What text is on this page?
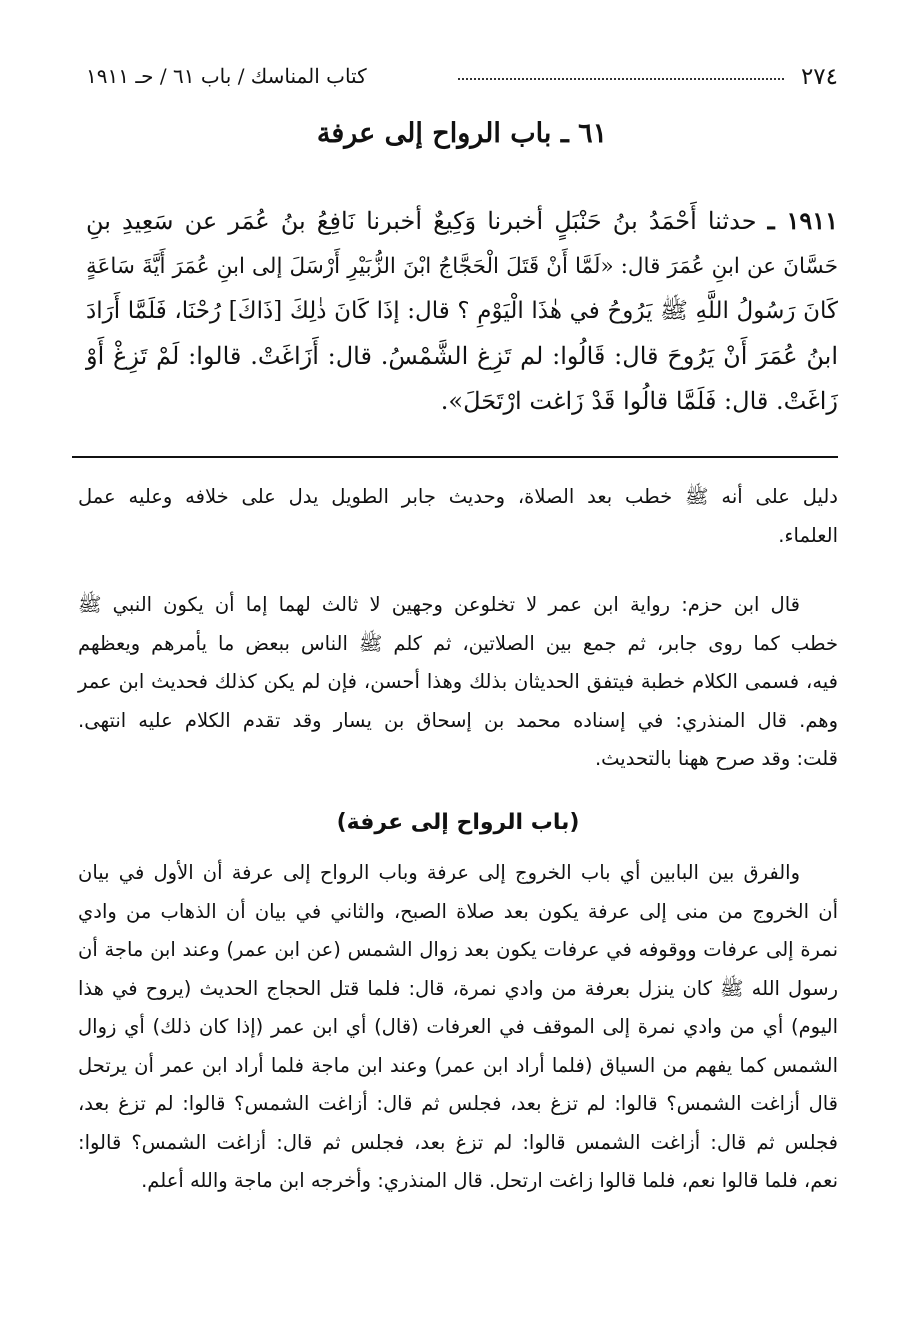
٢٧٤
كتاب المناسك / باب ٦١ / حـ ١٩١١
٦١ ـ باب الرواح إلى عرفة
١٩١١ ـ حدثنا أَحْمَدُ بنُ حَنْبَلٍ أخبرنا وَكِيعٌ أخبرنا نَافِعُ بنُ عُمَر عن سَعِيدِ بنِ
حَسَّانَ عن ابنِ عُمَرَ قال: «لَمَّا أَنْ قَتَلَ الْحَجَّاجُ ابْنَ الزُّبَيْرِ أَرْسَلَ إلى ابنِ عُمَرَ أَيَّةَ سَاعَةٍ
كَانَ رَسُولُ اللَّهِ ﷺ يَرُوحُ في هٰذَا الْيَوْمِ ؟ قال: إذَا كَانَ ذٰلِكَ [ذَاكَ] رُحْنَا، فَلَمَّا أَرَادَ
ابنُ عُمَرَ أَنْ يَرُوحَ قال: قَالُوا: لم تَزِغ الشَّمْسُ. قال: أَزَاغَتْ. قالوا: لَمْ تَزِغْ أَوْ
زَاغَتْ. قال: فَلَمَّا قالُوا قَدْ زَاغت ارْتَحَلَ».
دليل على أنه ﷺ خطب بعد الصلاة، وحديث جابر الطويل يدل على خلافه وعليه عمل
العلماء.
قال ابن حزم: رواية ابن عمر لا تخلوعن وجهين لا ثالث لهما إما أن يكون النبي ﷺ
خطب كما روى جابر، ثم جمع بين الصلاتين، ثم كلم ﷺ الناس ببعض ما يأمرهم ويعظهم
فيه، فسمى الكلام خطبة فيتفق الحديثان بذلك وهذا أحسن، فإن لم يكن كذلك فحديث ابن عمر
وهم. قال المنذري: في إسناده محمد بن إسحاق بن يسار وقد تقدم الكلام عليه انتهى.
قلت: وقد صرح ههنا بالتحديث.
(باب الرواح إلى عرفة)
والفرق بين البابين أي باب الخروج إلى عرفة وباب الرواح إلى عرفة أن الأول في بيان
أن الخروج من منى إلى عرفة يكون بعد صلاة الصبح، والثاني في بيان أن الذهاب من وادي
نمرة إلى عرفات ووقوفه في عرفات يكون بعد زوال الشمس (عن ابن عمر) وعند ابن ماجة أن
رسول الله ﷺ كان ينزل بعرفة من وادي نمرة، قال: فلما قتل الحجاج الحديث (يروح في هذا
اليوم) أي من وادي نمرة إلى الموقف في العرفات (قال) أي ابن عمر (إذا كان ذلك) أي زوال
الشمس كما يفهم من السياق (فلما أراد ابن عمر) وعند ابن ماجة فلما أراد ابن عمر أن يرتحل
قال أزاغت الشمس؟ قالوا: لم تزغ بعد، فجلس ثم قال: أزاغت الشمس؟ قالوا: لم تزغ بعد،
فجلس ثم قال: أزاغت الشمس قالوا: لم تزغ بعد، فجلس ثم قال: أزاغت الشمس؟ قالوا:
نعم، فلما قالوا نعم، فلما قالوا زاغت ارتحل. قال المنذري: وأخرجه ابن ماجة والله أعلم.
